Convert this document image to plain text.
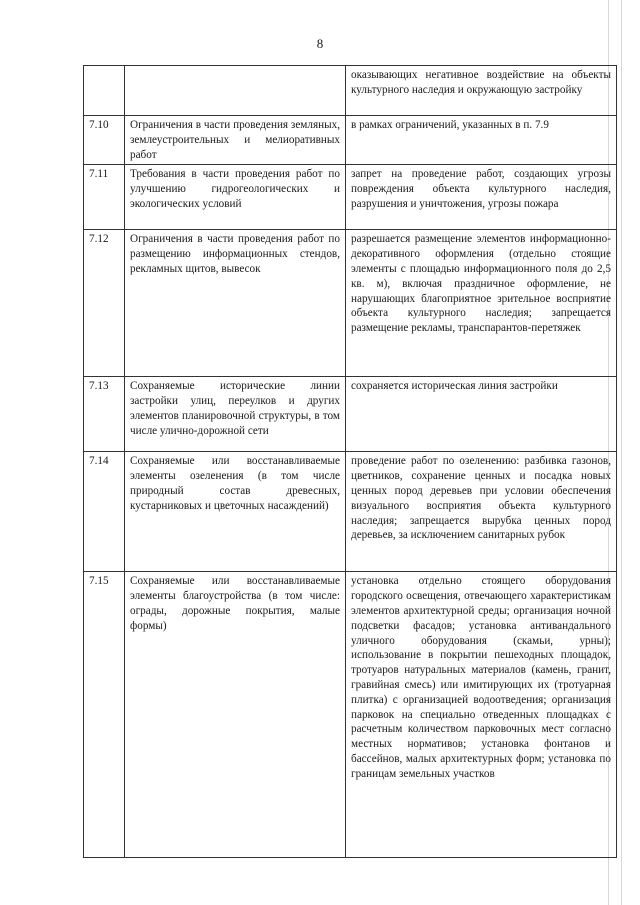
8
		оказывающих негативное воздействие на объекты культурного наследия и окружающую застройку
7.10	Ограничения в части проведения земляных, землеустроительных и мелиоративных работ	в рамках ограничений, указанных в п. 7.9
7.11	Требования в части проведения работ по улучшению гидрогеологических и экологических условий	запрет на проведение работ, создающих угрозы повреждения объекта культурного наследия, разрушения и уничтожения, угрозы пожара
7.12	Ограничения в части проведения работ по размещению информационных стендов, рекламных щитов, вывесок	разрешается размещение элементов информационно-декоративного оформления (отдельно стоящие элементы с площадью информационного поля до 2,5 кв. м), включая праздничное оформление, не нарушающих благоприятное зрительное восприятие объекта культурного наследия; запрещается размещение рекламы, транспарантов-перетяжек
7.13	Сохраняемые исторические линии застройки улиц, переулков и других элементов планировочной структуры, в том числе улично-дорожной сети	сохраняется историческая линия застройки
7.14	Сохраняемые или восстанавливаемые элементы озеленения (в том числе природный состав древесных, кустарниковых и цветочных насаждений)	проведение работ по озеленению: разбивка газонов, цветников, сохранение ценных и посадка новых ценных пород деревьев при условии обеспечения визуального восприятия объекта культурного наследия; запрещается вырубка ценных пород деревьев, за исключением санитарных рубок
7.15	Сохраняемые или восстанавливаемые элементы благоустройства (в том числе: ограды, дорожные покрытия, малые формы)	установка отдельно стоящего оборудования городского освещения, отвечающего характеристикам элементов архитектурной среды; организация ночной подсветки фасадов; установка антивандального уличного оборудования (скамьи, урны); использование в покрытии пешеходных площадок, тротуаров натуральных материалов (камень, гранит, гравийная смесь) или имитирующих их (тротуарная плитка) с организацией водоотведения; организация парковок на специально отведенных площадках с расчетным количеством парковочных мест согласно местных нормативов; установка фонтанов и бассейнов, малых архитектурных форм; установка по границам земельных участков
